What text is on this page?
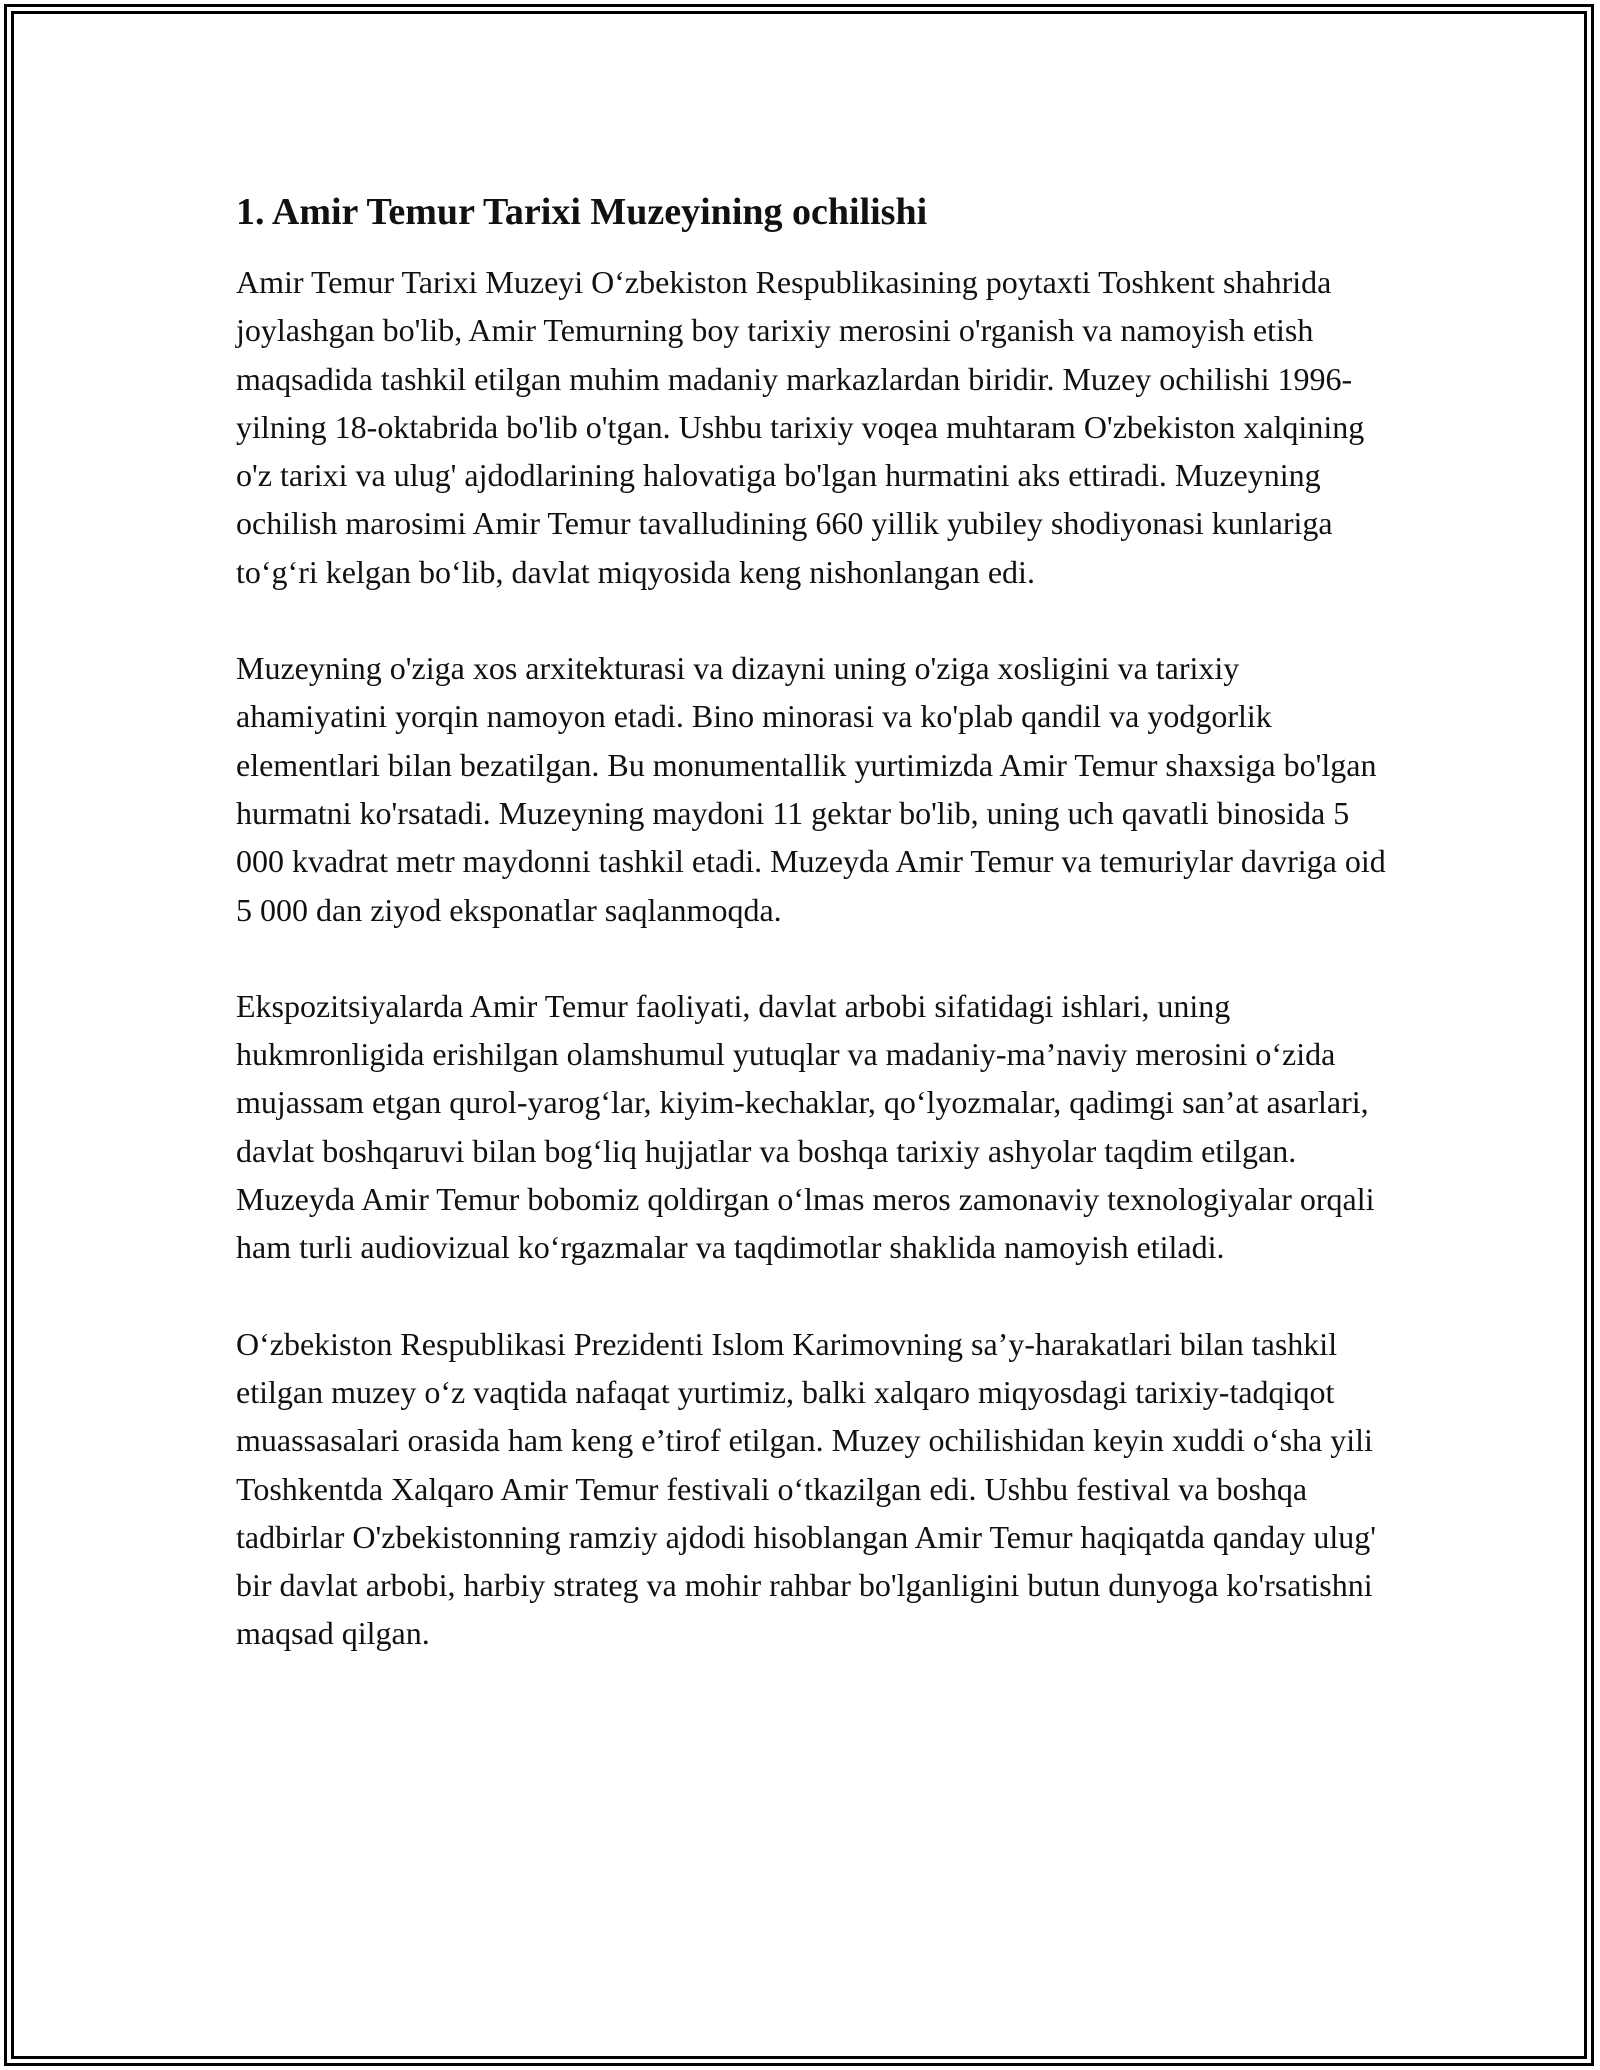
1. Amir Temur Tarixi Muzeyining ochilishi

Amir Temur Tarixi Muzeyi O‘zbekiston Respublikasining poytaxti Toshkent shahrida joylashgan bo'lib, Amir Temurning boy tarixiy merosini o'rganish va namoyish etish maqsadida tashkil etilgan muhim madaniy markazlardan biridir. Muzey ochilishi 1996-yilning 18-oktabrida bo'lib o'tgan. Ushbu tarixiy voqea muhtaram O'zbekiston xalqining o'z tarixi va ulug' ajdodlarining halovatiga bo'lgan hurmatini aks ettiradi. Muzeyning ochilish marosimi Amir Temur tavalludining 660 yillik yubiley shodiyonasi kunlariga to‘g‘ri kelgan bo‘lib, davlat miqyosida keng nishonlangan edi.

Muzeyning o'ziga xos arxitekturasi va dizayni uning o'ziga xosligini va tarixiy ahamiyatini yorqin namoyon etadi. Bino minorasi va ko'plab qandil va yodgorlik elementlari bilan bezatilgan. Bu monumentallik yurtimizda Amir Temur shaxsiga bo'lgan hurmatni ko'rsatadi. Muzeyning maydoni 11 gektar bo'lib, uning uch qavatli binosida 5 000 kvadrat metr maydonni tashkil etadi. Muzeyda Amir Temur va temuriylar davriga oid 5 000 dan ziyod eksponatlar saqlanmoqda.

Ekspozitsiyalarda Amir Temur faoliyati, davlat arbobi sifatidagi ishlari, uning hukmronligida erishilgan olamshumul yutuqlar va madaniy-ma’naviy merosini o‘zida mujassam etgan qurol-yarog‘lar, kiyim-kechaklar, qo‘lyozmalar, qadimgi san’at asarlari, davlat boshqaruvi bilan bog‘liq hujjatlar va boshqa tarixiy ashyolar taqdim etilgan. Muzeyda Amir Temur bobomiz qoldirgan o‘lmas meros zamonaviy texnologiyalar orqali ham turli audiovizual ko‘rgazmalar va taqdimotlar shaklida namoyish etiladi.

O‘zbekiston Respublikasi Prezidenti Islom Karimovning sa’y-harakatlari bilan tashkil etilgan muzey o‘z vaqtida nafaqat yurtimiz, balki xalqaro miqyosdagi tarixiy-tadqiqot muassasalari orasida ham keng e’tirof etilgan. Muzey ochilishidan keyin xuddi o‘sha yili Toshkentda Xalqaro Amir Temur festivali o‘tkazilgan edi. Ushbu festival va boshqa tadbirlar O'zbekistonning ramziy ajdodi hisoblangan Amir Temur haqiqatda qanday ulug' bir davlat arbobi, harbiy strateg va mohir rahbar bo'lganligini butun dunyoga ko'rsatishni maqsad qilgan.
